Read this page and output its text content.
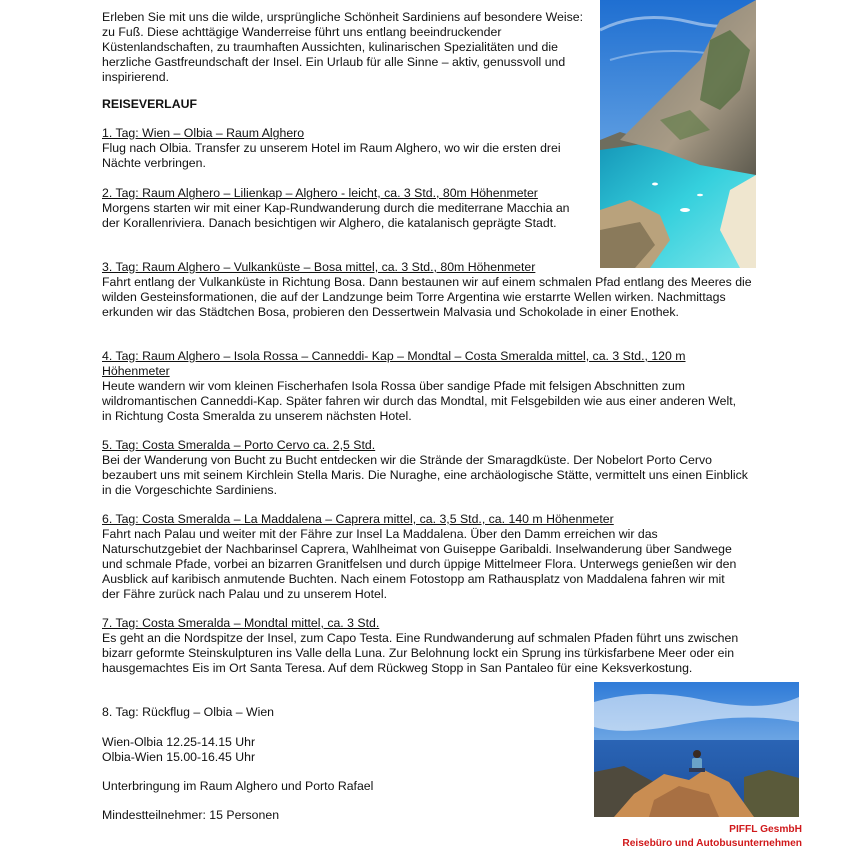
Erleben Sie mit uns die wilde, ursprüngliche Schönheit Sardiniens auf besondere Weise: zu Fuß. Diese achttägige Wanderreise führt uns entlang beeindruckender Küstenlandschaften, zu traumhaften Aussichten, kulinarischen Spezialitäten und die herzliche Gastfreundschaft der Insel. Ein Urlaub für alle Sinne – aktiv, genussvoll und inspirierend.

REISEVERLAUF

1. Tag: Wien – Olbia – Raum Alghero

Flug nach Olbia. Transfer zu unserem Hotel im Raum Alghero, wo wir die ersten drei Nächte verbringen.

2. Tag: Raum Alghero – Lilienkap – Alghero - leicht, ca. 3 Std., 80m Höhenmeter

Morgens starten wir mit einer Kap-Rundwanderung durch die mediterrane Macchia an der Korallenriviera. Danach besichtigen wir Alghero, die katalanisch geprägte Stadt.

3. Tag: Raum Alghero – Vulkanküste – Bosa mittel, ca. 3 Std., 80m Höhenmeter

Fahrt entlang der Vulkanküste in Richtung Bosa. Dann bestaunen wir auf einem schmalen Pfad entlang des Meeres die wilden Gesteinsformationen, die auf der Landzunge beim Torre Argentina wie erstarrte Wellen wirken. Nachmittags erkunden wir das Städtchen Bosa, probieren den Dessertwein Malvasia und Schokolade in einer Enothek.

4. Tag: Raum Alghero – Isola Rossa – Canneddi- Kap – Mondtal – Costa Smeralda mittel, ca. 3 Std., 120 m Höhenmeter

Heute wandern wir vom kleinen Fischerhafen Isola Rossa über sandige Pfade mit felsigen Abschnitten zum wildromantischen Canneddi-Kap. Später fahren wir durch das Mondtal, mit Felsgebilden wie aus einer anderen Welt, in Richtung Costa Smeralda zu unserem nächsten Hotel.

5. Tag: Costa Smeralda – Porto Cervo ca. 2,5 Std.

Bei der Wanderung von Bucht zu Bucht entdecken wir die Strände der Smaragdküste. Der Nobelort Porto Cervo bezaubert uns mit seinem Kirchlein Stella Maris. Die Nuraghe, eine archäologische Stätte, vermittelt uns einen Einblick in die Vorgeschichte Sardiniens.

6. Tag: Costa Smeralda – La Maddalena – Caprera mittel, ca. 3,5 Std., ca. 140 m Höhenmeter

Fahrt nach Palau und weiter mit der Fähre zur Insel La Maddalena. Über den Damm erreichen wir das Naturschutzgebiet der Nachbarinsel Caprera, Wahlheimat von Guiseppe Garibaldi. Inselwanderung über Sandwege und schmale Pfade, vorbei an bizarren Granitfelsen und durch üppige Mittelmeer Flora. Unterwegs genießen wir den Ausblick auf karibisch anmutende Buchten. Nach einem Fotostopp am Rathausplatz von Maddalena fahren wir mit der Fähre zurück nach Palau und zu unserem Hotel.

7. Tag: Costa Smeralda – Mondtal mittel, ca. 3 Std.

Es geht an die Nordspitze der Insel, zum Capo Testa. Eine Rundwanderung auf schmalen Pfaden führt uns zwischen bizarr geformte Steinskulpturen ins Valle della Luna. Zur Belohnung lockt ein Sprung ins türkisfarbene Meer oder ein hausgemachtes Eis im Ort Santa Teresa. Auf dem Rückweg Stopp in San Pantaleo für eine Keksverkostung.

8. Tag: Rückflug – Olbia – Wien

Wien-Olbia 12.25-14.15 Uhr

Olbia-Wien 15.00-16.45 Uhr

Unterbringung im Raum Alghero und Porto Rafael

Mindestteilnehmer: 15 Personen

PIFFL GesmbH
Reisebüro und Autobusunternehmen
